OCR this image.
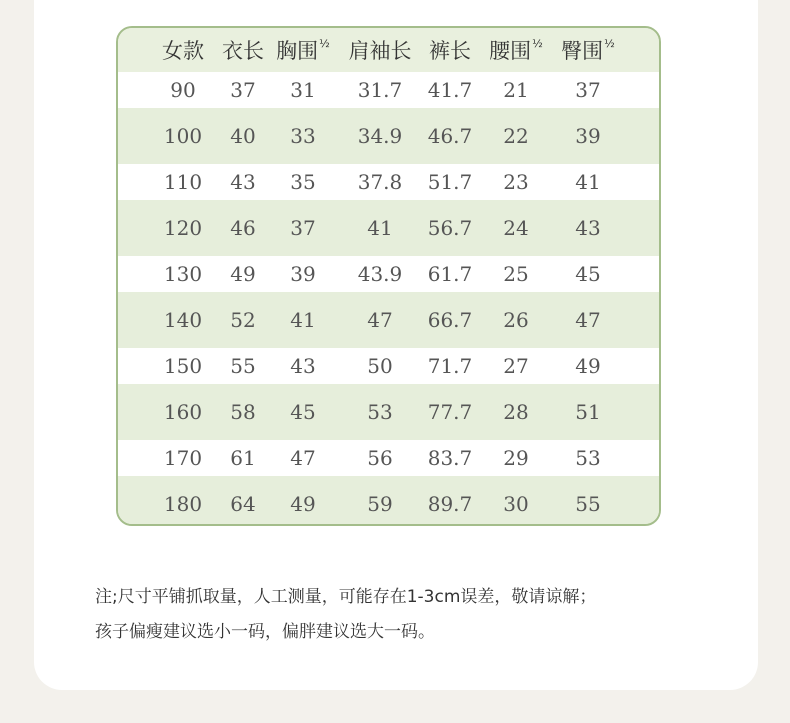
女款 衣长 胸围$^{\frac{1}{2}}$ 肩袖长 裤长 腰围$^{\frac{1}{2}}$ 臀围$^{\frac{1}{2}}$
90 37 31 31.7 41.7 21 37
100 40 33 34.9 46.7 22 39
110 43 35 37.8 51.7 23 41
120 46 37	41 56.7 24 43
130 49 39 43.9 61.7 25 45
140 52 41	47 66.7 26 47
150 55 43	50 71.7 27 49
160 58 45	53 77.7 28 51
170 61 47	56 83.7 29 53
180 64 49	59 89.7 30 55
注;尺寸平铺抓取量，人工测量，可能存在1-3cm误差，敬请谅解；
孩子偏瘦建议选小一码，偏胖建议选大一码。
